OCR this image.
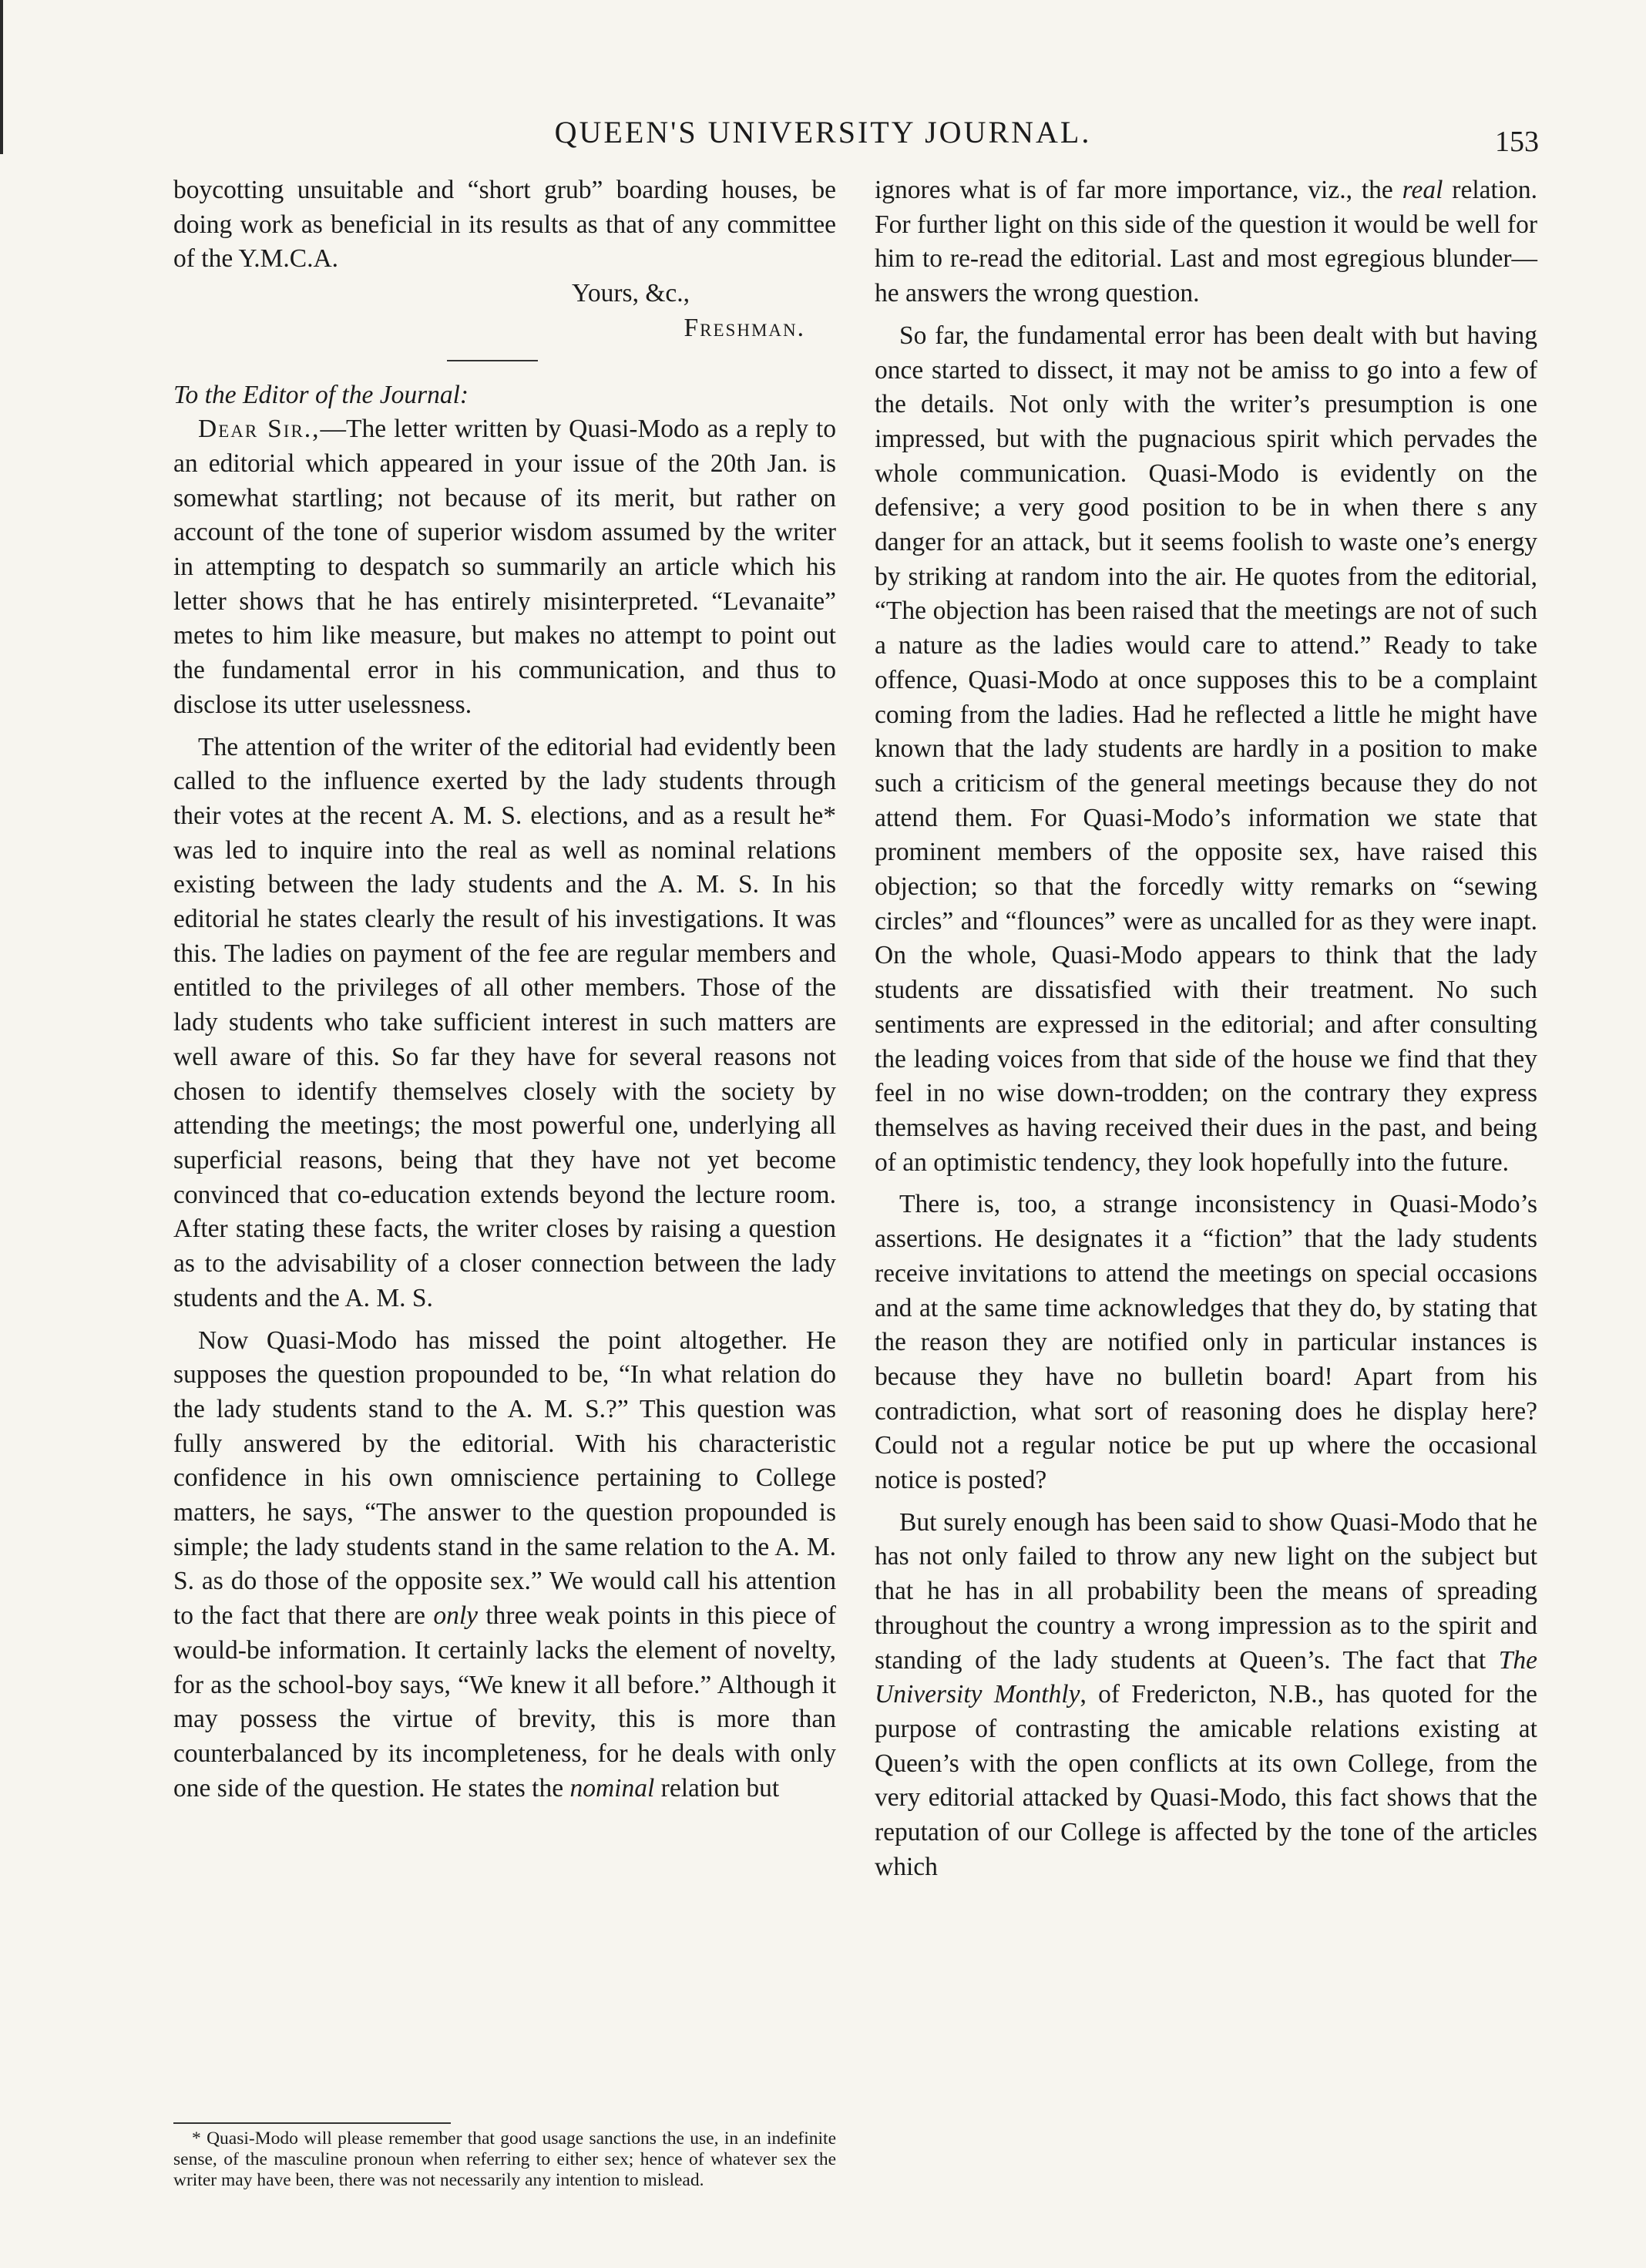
QUEEN'S UNIVERSITY JOURNAL.	153

boycotting unsuitable and “short grub” boarding houses, be doing work as beneficial in its results as that of any committee of the Y.M.C.A.

Yours, &c.,

Freshman.

To the Editor of the Journal:

Dear Sir.,—The letter written by Quasi-Modo as a reply to an editorial which appeared in your issue of the 20th Jan. is somewhat startling; not because of its merit, but rather on account of the tone of superior wisdom assumed by the writer in attempting to despatch so summarily an article which his letter shows that he has entirely misinterpreted. “Levanaite” metes to him like measure, but makes no attempt to point out the fundamental error in his communication, and thus to disclose its utter uselessness.

The attention of the writer of the editorial had evidently been called to the influence exerted by the lady students through their votes at the recent A. M. S. elections, and as a result he* was led to inquire into the real as well as nominal relations existing between the lady students and the A. M. S. In his editorial he states clearly the result of his investigations. It was this. The ladies on payment of the fee are regular members and entitled to the privileges of all other members. Those of the lady students who take sufficient interest in such matters are well aware of this. So far they have for several reasons not chosen to identify themselves closely with the society by attending the meetings; the most powerful one, underlying all superficial reasons, being that they have not yet become convinced that co-education extends beyond the lecture room. After stating these facts, the writer closes by raising a question as to the advisability of a closer connection between the lady students and the A. M. S.

Now Quasi-Modo has missed the point altogether. He supposes the question propounded to be, “In what relation do the lady students stand to the A. M. S.?” This question was fully answered by the editorial. With his characteristic confidence in his own omniscience pertaining to College matters, he says, “The answer to the question propounded is simple; the lady students stand in the same relation to the A. M. S. as do those of the opposite sex.” We would call his attention to the fact that there are only three weak points in this piece of would-be information. It certainly lacks the element of novelty, for as the school-boy says, “We knew it all before.” Although it may possess the virtue of brevity, this is more than counterbalanced by its incompleteness, for he deals with only one side of the question. He states the nominal relation but

* Quasi-Modo will please remember that good usage sanctions the use, in an indefinite sense, of the masculine pronoun when referring to either sex; hence of whatever sex the writer may have been, there was not necessarily any intention to mislead.

ignores what is of far more importance, viz., the real relation. For further light on this side of the question it would be well for him to re-read the editorial. Last and most egregious blunder—he answers the wrong question.

So far, the fundamental error has been dealt with but having once started to dissect, it may not be amiss to go into a few of the details. Not only with the writer’s presumption is one impressed, but with the pugnacious spirit which pervades the whole communication. Quasi-Modo is evidently on the defensive; a very good position to be in when there s any danger for an attack, but it seems foolish to waste one’s energy by striking at random into the air. He quotes from the editorial, “The objection has been raised that the meetings are not of such a nature as the ladies would care to attend.” Ready to take offence, Quasi-Modo at once supposes this to be a complaint coming from the ladies. Had he reflected a little he might have known that the lady students are hardly in a position to make such a criticism of the general meetings because they do not attend them. For Quasi-Modo’s information we state that prominent members of the opposite sex, have raised this objection; so that the forcedly witty remarks on “sewing circles” and “flounces” were as uncalled for as they were inapt. On the whole, Quasi-Modo appears to think that the lady students are dissatisfied with their treatment. No such sentiments are expressed in the editorial; and after consulting the leading voices from that side of the house we find that they feel in no wise down-trodden; on the contrary they express themselves as having received their dues in the past, and being of an optimistic tendency, they look hopefully into the future.

There is, too, a strange inconsistency in Quasi-Modo’s assertions. He designates it a “fiction” that the lady students receive invitations to attend the meetings on special occasions and at the same time acknowledges that they do, by stating that the reason they are notified only in particular instances is because they have no bulletin board! Apart from his contradiction, what sort of reasoning does he display here? Could not a regular notice be put up where the occasional notice is posted?

But surely enough has been said to show Quasi-Modo that he has not only failed to throw any new light on the subject but that he has in all probability been the means of spreading throughout the country a wrong impression as to the spirit and standing of the lady students at Queen’s. The fact that The University Monthly, of Fredericton, N.B., has quoted for the purpose of contrasting the amicable relations existing at Queen’s with the open conflicts at its own College, from the very editorial attacked by Quasi-Modo, this fact shows that the reputation of our College is affected by the tone of the articles which
